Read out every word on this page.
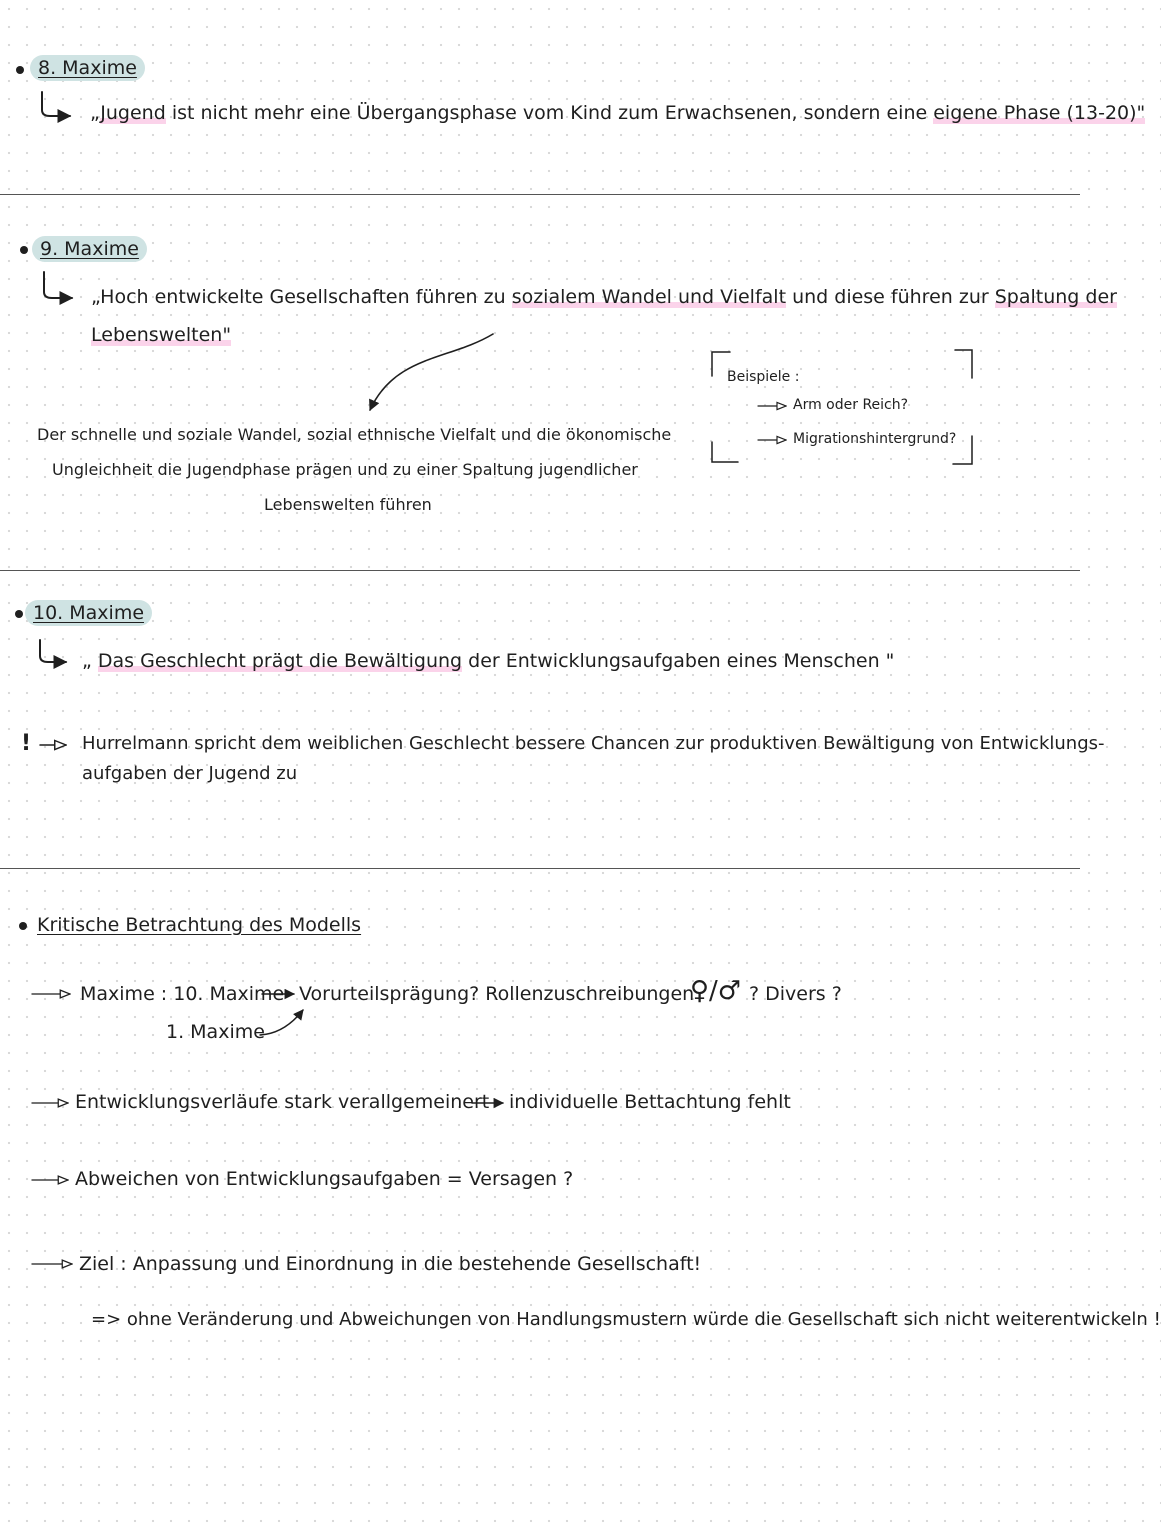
8. Maxime
„Jugend ist nicht mehr eine Übergangsphase vom Kind zum Erwachsenen, sondern eine eigene Phase (13-20)"
9. Maxime
„Hoch entwickelte Gesellschaften führen zu sozialem Wandel und Vielfalt und diese führen zur Spaltung der
Lebenswelten"
Der schnelle und soziale Wandel, sozial ethnische Vielfalt und die ökonomische
Ungleichheit die Jugendphase prägen und zu einer Spaltung jugendlicher
Lebenswelten führen
Beispiele :
Arm oder Reich?
Migrationshintergrund?
10. Maxime
„ Das Geschlecht prägt die Bewältigung der Entwicklungsaufgaben eines Menschen "
!	Hurrelmann spricht dem weiblichen Geschlecht bessere Chancen zur produktiven Bewältigung von Entwicklungs-
aufgaben der Jugend zu
Kritische Betrachtung des Modells
Maxime : 10. Maxime Vorurteilsprägung? Rollenzuschreibungen
♀/♂ ? Divers ?
1. Maxime
Entwicklungsverläufe stark verallgemeinert individuelle Bettachtung fehlt
Abweichen von Entwicklungsaufgaben = Versagen ?
Ziel : Anpassung und Einordnung in die bestehende Gesellschaft!
=> ohne Veränderung und Abweichungen von Handlungsmustern würde die Gesellschaft sich nicht weiterentwickeln !
